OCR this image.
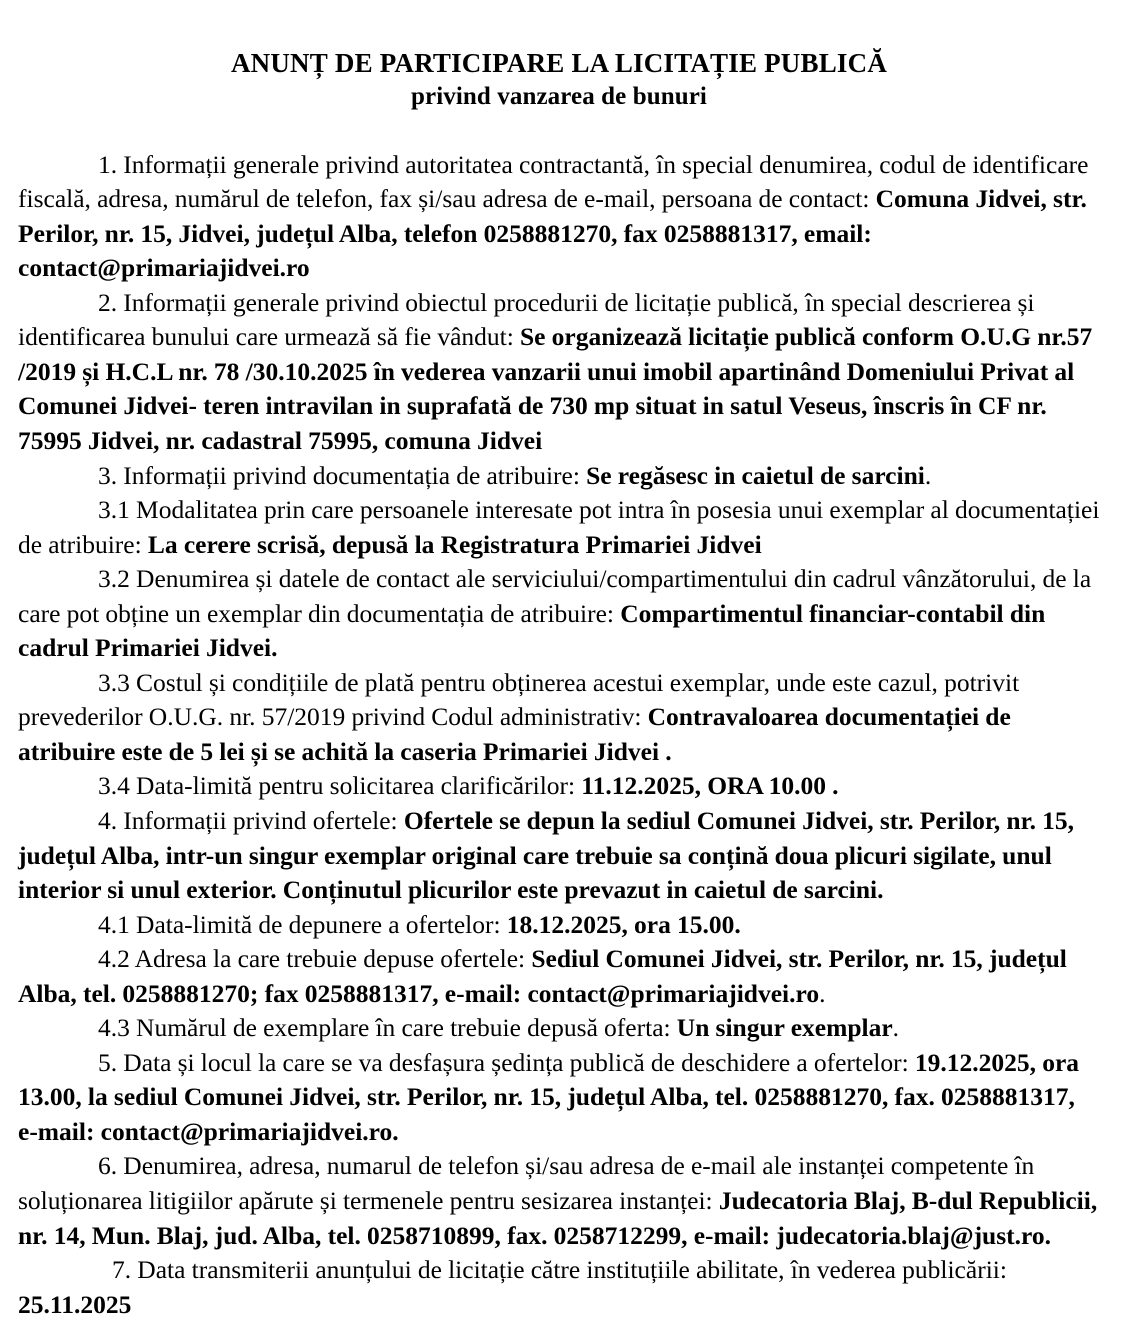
ANUNȚ DE PARTICIPARE LA LICITAȚIE PUBLICĂ
privind vanzarea de bunuri

1. Informații generale privind autoritatea contractantă, în special denumirea, codul de identificare fiscală, adresa, numărul de telefon, fax și/sau adresa de e-mail, persoana de contact: Comuna Jidvei, str. Perilor, nr. 15, Jidvei, județul Alba, telefon 0258881270, fax 0258881317, email: contact@primariajidvei.ro

2. Informații generale privind obiectul procedurii de licitație publică, în special descrierea și identificarea bunului care urmează să fie vândut: Se organizează licitație publică conform O.U.G nr.57 /2019 și H.C.L nr. 78 /30.10.2025 în vederea vanzarii unui imobil apartinând Domeniului Privat al Comunei Jidvei- teren intravilan in suprafată de 730 mp situat in satul Veseus, înscris în CF nr. 75995 Jidvei, nr. cadastral 75995, comuna Jidvei

3. Informații privind documentația de atribuire: Se regăsesc in caietul de sarcini.

3.1 Modalitatea prin care persoanele interesate pot intra în posesia unui exemplar al documentației de atribuire: La cerere scrisă, depusă la Registratura Primariei Jidvei

3.2 Denumirea și datele de contact ale serviciului/compartimentului din cadrul vânzătorului, de la care pot obține un exemplar din documentația de atribuire: Compartimentul financiar-contabil din cadrul Primariei Jidvei.

3.3 Costul și condițiile de plată pentru obținerea acestui exemplar, unde este cazul, potrivit prevederilor O.U.G. nr. 57/2019 privind Codul administrativ: Contravaloarea documentației de atribuire este de 5 lei și se achită la caseria Primariei Jidvei .

3.4 Data-limită pentru solicitarea clarificărilor: 11.12.2025, ORA 10.00 .

4. Informații privind ofertele: Ofertele se depun la sediul Comunei Jidvei, str. Perilor, nr. 15, județul Alba, intr-un singur exemplar original care trebuie sa conțină doua plicuri sigilate, unul interior si unul exterior. Conținutul plicurilor este prevazut in caietul de sarcini.

4.1 Data-limită de depunere a ofertelor: 18.12.2025, ora 15.00.

4.2 Adresa la care trebuie depuse ofertele: Sediul Comunei Jidvei, str. Perilor, nr. 15, județul Alba, tel. 0258881270; fax 0258881317, e-mail: contact@primariajidvei.ro.

4.3 Numărul de exemplare în care trebuie depusă oferta: Un singur exemplar.

5. Data și locul la care se va desfașura ședința publică de deschidere a ofertelor: 19.12.2025, ora 13.00, la sediul Comunei Jidvei, str. Perilor, nr. 15, județul Alba, tel. 0258881270, fax. 0258881317, e-mail: contact@primariajidvei.ro.

6. Denumirea, adresa, numarul de telefon și/sau adresa de e-mail ale instanței competente în soluționarea litigiilor apărute și termenele pentru sesizarea instanței: Judecatoria Blaj, B-dul Republicii, nr. 14, Mun. Blaj, jud. Alba, tel. 0258710899, fax. 0258712299, e-mail: judecatoria.blaj@just.ro.

7. Data transmiterii anunțului de licitație către instituțiile abilitate, în vederea publicării: 25.11.2025
